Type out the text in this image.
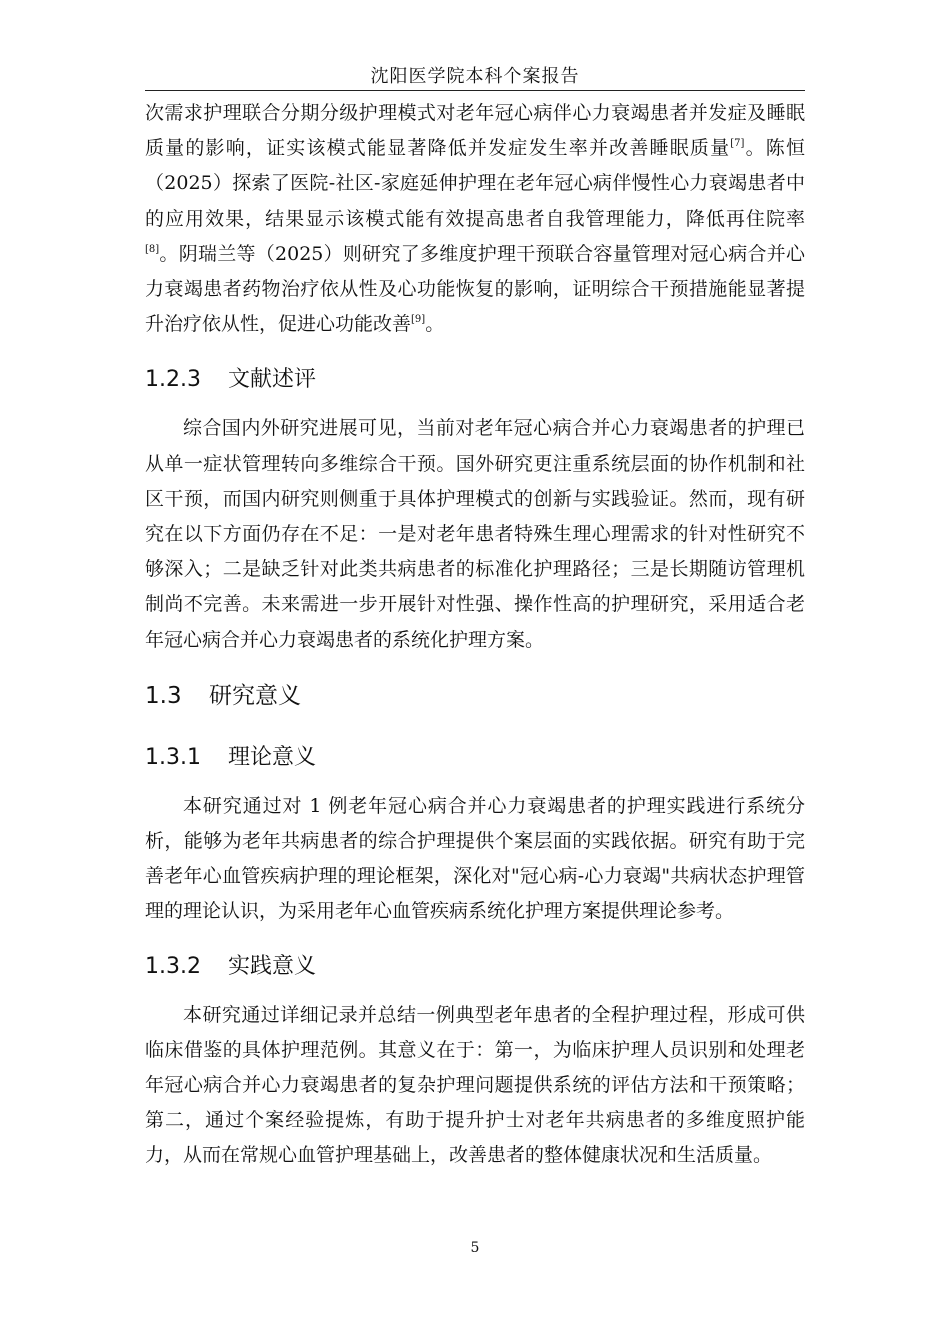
沈阳医学院本科个案报告

次需求护理联合分期分级护理模式对老年冠心病伴心力衰竭患者并发症及睡眠质量的影响，证实该模式能显著降低并发症发生率并改善睡眠质量[7]。陈恒（2025）探索了医院-社区-家庭延伸护理在老年冠心病伴慢性心力衰竭患者中的应用效果，结果显示该模式能有效提高患者自我管理能力，降低再住院率[8]。阴瑞兰等（2025）则研究了多维度护理干预联合容量管理对冠心病合并心力衰竭患者药物治疗依从性及心功能恢复的影响，证明综合干预措施能显著提升治疗依从性，促进心功能改善[9]。

1.2.3 文献述评

综合国内外研究进展可见，当前对老年冠心病合并心力衰竭患者的护理已从单一症状管理转向多维综合干预。国外研究更注重系统层面的协作机制和社区干预，而国内研究则侧重于具体护理模式的创新与实践验证。然而，现有研究在以下方面仍存在不足：一是对老年患者特殊生理心理需求的针对性研究不够深入；二是缺乏针对此类共病患者的标准化护理路径；三是长期随访管理机制尚不完善。未来需进一步开展针对性强、操作性高的护理研究，采用适合老年冠心病合并心力衰竭患者的系统化护理方案。

1.3 研究意义
1.3.1 理论意义

本研究通过对 1 例老年冠心病合并心力衰竭患者的护理实践进行系统分析，能够为老年共病患者的综合护理提供个案层面的实践依据。研究有助于完善老年心血管疾病护理的理论框架，深化对"冠心病-心力衰竭"共病状态护理管理的理论认识，为采用老年心血管疾病系统化护理方案提供理论参考。

1.3.2 实践意义

本研究通过详细记录并总结一例典型老年患者的全程护理过程，形成可供临床借鉴的具体护理范例。其意义在于：第一，为临床护理人员识别和处理老年冠心病合并心力衰竭患者的复杂护理问题提供系统的评估方法和干预策略；第二，通过个案经验提炼，有助于提升护士对老年共病患者的多维度照护能力，从而在常规心血管护理基础上，改善患者的整体健康状况和生活质量。

5
